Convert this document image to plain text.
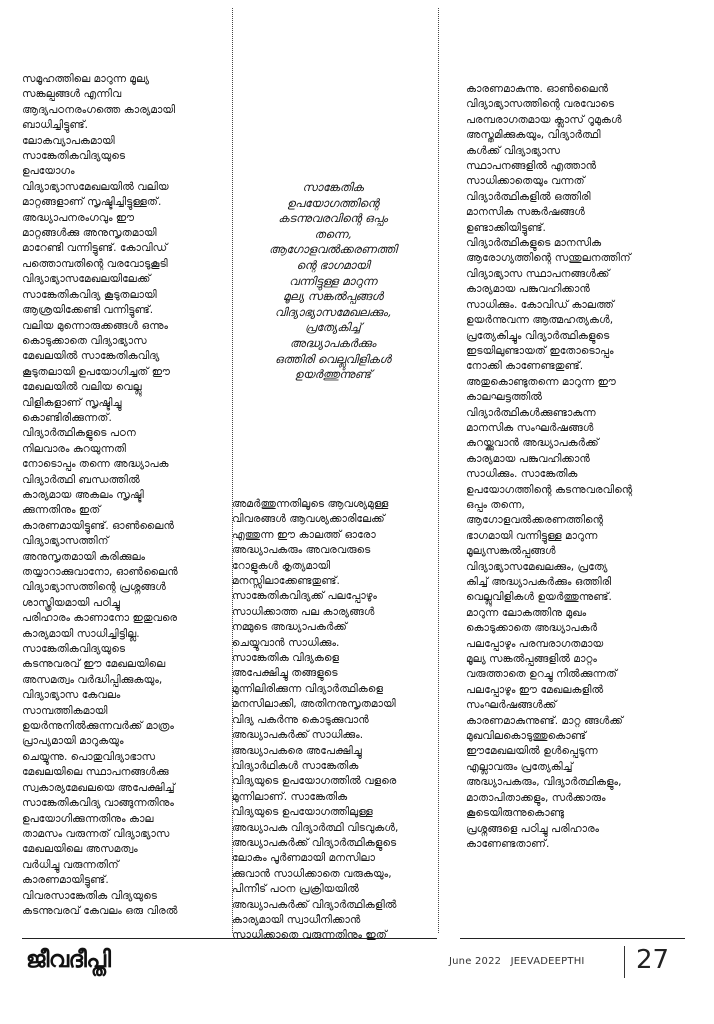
സമൂഹത്തിലെ മാറുന്ന മൂല്യ
സങ്കല്പങ്ങൾ എന്നിവ
ആദ്യപഠനരംഗത്തെ കാര്യമായി
ബാധിച്ചിട്ടുണ്ട്.
ലോകവ്യാപകമായി
സാങ്കേതികവിദ്യയുടെ
ഉപയോഗം
വിദ്യാഭ്യാസമേഖലയിൽ വലിയ
മാറ്റങ്ങളാണ് സൃഷ്ടിച്ചിട്ടുള്ളത്.
അദ്ധ്യാപനരംഗവും ഈ
മാറ്റങ്ങൾക്കു അനുസൃതമായി
മാറേണ്ടി വന്നിട്ടുണ്ട്. കോവിഡ്
പത്തൊമ്പതിന്റെ വരവോടുകൂടി
വിദ്യാഭ്യാസമേഖലയിലേക്ക്
സാങ്കേതികവിദ്യ കൂടുതലായി
ആശ്രയിക്കേണ്ടി വന്നിട്ടുണ്ട്.
വലിയ മുന്നൊരുക്കങ്ങൾ ഒന്നും
കൊടുക്കാതെ വിദ്യാഭ്യാസ
മേഖലയിൽ സാങ്കേതികവിദ്യ
കൂടുതലായി ഉപയോഗിച്ചത് ഈ
മേഖലയിൽ വലിയ വെല്ലു
വിളികളാണ് സൃഷ്ടിച്ചു
കൊണ്ടിരിക്കുന്നത്.
വിദ്യാർത്ഥികളുടെ പഠന
നിലവാരം കുറയുന്നതി
നോടൊപ്പം തന്നെ അദ്ധ്യാപക
വിദ്യാർത്ഥി ബന്ധത്തിൽ
കാര്യമായ അകലം സൃഷ്ടി
ക്കുന്നതിനും ഇത്
കാരണമായിട്ടുണ്ട്. ഓൺലൈൻ
വിദ്യാഭ്യാസത്തിന്
അനുസൃതമായി കരിക്കുലം
തയ്യാറാക്കുവാനോ, ഓൺലൈൻ
വിദ്യാഭ്യാസത്തിന്റെ പ്രശ്നങ്ങൾ
ശാസ്ത്രിയമായി പഠിച്ചു
പരിഹാരം കാണാനോ ഇതുവരെ
കാര്യമായി സാധിച്ചിട്ടില്ല.
സാങ്കേതികവിദ്യയുടെ
കടന്നുവരവ് ഈ മേഖലയിലെ
അസമത്വം വർദ്ധിപ്പിക്കുകയും,
വിദ്യാഭ്യാസ കേവലം
സാമ്പത്തികമായി
ഉയർന്നുനിൽക്കുന്നവർക്ക് മാത്രം
പ്രാപ്യമായി മാറുകയും
ചെയ്യുന്നു. പൊതുവിദ്യാഭാസ
മേഖലയിലെ സ്ഥാപനങ്ങൾക്കു
സ്വകാര്യമേഖലയെ അപേക്ഷിച്ച്
സാങ്കേതികവിദ്യ വാങ്ങുന്നതിനും
ഉപയോഗിക്കുന്നതിനും കാല
താമസം വരുന്നത് വിദ്യാഭ്യാസ
മേഖലയിലെ അസമത്വം
വർധിച്ചു വരുന്നതിന്
കാരണമായിട്ടുണ്ട്.
വിവരസാങ്കേതിക വിദ്യയുടെ
കടന്നുവരവ് കേവലം ഒരു വിരൽ
സാങ്കേതിക
ഉപയോഗത്തിന്റെ
കടന്നുവരവിന്റെ ഒപ്പം
തന്നെ,
ആഗോളവൽക്കരണത്തി
ന്റെ ഭാഗമായി
വന്നിട്ടുള്ള മാറുന്ന
മൂല്യ സങ്കൽപ്പങ്ങൾ
വിദ്യാഭ്യാസമേഖലക്കും,
പ്രത്യേകിച്ച്
അദ്ധ്യാപകർക്കും
ഒത്തിരി വെല്ലുവിളികൾ
ഉയർത്തുന്നുണ്ട്
അമർത്തുന്നതിലൂടെ ആവശ്യമുള്ള
വിവരങ്ങൾ ആവശ്യക്കാരിലേക്ക്
എത്തുന്ന ഈ കാലത്ത് ഓരോ
അദ്ധ്യാപകരും അവരവരുടെ
റോളുകൾ കൃത്യമായി
മനസ്സിലാക്കേണ്ടതുണ്ട്.
സാങ്കേതികവിദ്യക്ക് പലപ്പോഴും
സാധിക്കാത്ത പല കാര്യങ്ങൾ
നമ്മുടെ അദ്ധ്യാപകർക്ക്
ചെയ്യുവാൻ സാധിക്കും.
സാങ്കേതിക വിദ്യകളെ
അപേക്ഷിച്ചു തങ്ങളുടെ
മുന്നിലിരിക്കുന്ന വിദ്യാർത്ഥികളെ
മനസിലാക്കി, അതിനനുസൃതമായി
വിദ്യ പകർന്നു കൊടുക്കുവാൻ
അദ്ധ്യാപകർക്ക് സാധിക്കും.
അദ്ധ്യാപകരെ അപേക്ഷിച്ചു
വിദ്യാർഥികൾ സാങ്കേതിക
വിദ്യയുടെ ഉപയോഗത്തിൽ വളരെ
മുന്നിലാണ്. സാങ്കേതിക
വിദ്യയുടെ ഉപയോഗത്തിലുള്ള
അദ്ധ്യാപക വിദ്യാർത്ഥി വിടവുകൾ,
അദ്ധ്യാപകർക്ക് വിദ്യാർത്ഥികളുടെ
ലോകം പൂർണമായി മനസിലാ
ക്കുവാൻ സാധിക്കാതെ വരുകയും,
പിന്നീട് പഠന പ്രക്രിയയിൽ
അദ്ധ്യാപകർക്ക് വിദ്യാർത്ഥികളിൽ
കാര്യമായി സ്വാധീനിക്കാൻ
സാധിക്കാതെ വരുന്നതിനും ഇത്
കാരണമാകുന്നു. ഓൺലൈൻ
വിദ്യാഭ്യാസത്തിന്റെ വരവോടെ
പരമ്പരാഗതമായ ക്ലാസ് റൂമുകൾ
അസ്തമിക്കുകയും, വിദ്യാർത്ഥി
കൾക്ക് വിദ്യാഭ്യാസ
സ്ഥാപനങ്ങളിൽ എത്താൻ
സാധിക്കാതെയും വന്നത്
വിദ്യാർത്ഥികളിൽ ഒത്തിരി
മാനസിക സങ്കർഷങ്ങൾ
ഉണ്ടാക്കിയിട്ടുണ്ട്.
വിദ്യാർത്ഥികളുടെ മാനസിക
ആരോഗ്യത്തിന്റെ സന്തുലനത്തിന്
വിദ്യാഭ്യാസ സ്ഥാപനങ്ങൾക്ക്
കാര്യമായ പങ്കുവഹിക്കാൻ
സാധിക്കും. കോവിഡ് കാലത്ത്
ഉയർന്നുവന്ന ആത്മഹത്യകൾ,
പ്രത്യേകിച്ചും വിദ്യാർത്ഥികളുടെ
ഇടയിലുണ്ടായത് ഇതോടൊപ്പം
നോക്കി കാണേണ്ടതുണ്ട്.
അതുകൊണ്ടുതന്നെ മാറുന്ന ഈ
കാലഘട്ടത്തിൽ
വിദ്യാർത്ഥികൾക്കുണ്ടാകുന്ന
മാനസിക സംഘർഷങ്ങൾ
കുറയ്ക്കുവാൻ അദ്ധ്യാപകർക്ക്
കാര്യമായ പങ്കുവഹിക്കാൻ
സാധിക്കും. സാങ്കേതിക
ഉപയോഗത്തിന്റെ കടന്നുവരവിന്റെ
ഒപ്പം തന്നെ,
ആഗോളവൽക്കരണത്തിന്റെ
ഭാഗമായി വന്നിട്ടുള്ള മാറുന്ന
മൂല്യസങ്കൽപ്പങ്ങൾ
വിദ്യാഭ്യാസമേഖലക്കും, പ്രത്യേ
കിച്ച് അദ്ധ്യാപകർക്കും ഒത്തിരി
വെല്ലുവിളികൾ ഉയർത്തുന്നുണ്ട്.
മാറുന്ന ലോകത്തിനു മുഖം
കൊടുക്കാതെ അദ്ധ്യാപകർ
പലപ്പോഴും പരമ്പരാഗതമായ
മൂല്യ സങ്കൽപ്പങ്ങളിൽ മാറ്റം
വരുത്താതെ ഉറച്ചു നിൽക്കുന്നത്
പലപ്പോഴും ഈ മേഖലകളിൽ
സംഘർഷങ്ങൾക്ക്
കാരണമാകുന്നുണ്ട്. മാറ്റ ങ്ങൾക്ക്
മുഖവിലകൊടുത്തുകൊണ്ട്
ഈമേഖലയിൽ ഉൾപ്പെടുന്ന
എല്ലാവരും പ്രത്യേകിച്ച്
അദ്ധ്യാപകരും, വിദ്യാർത്ഥികളും,
മാതാപിതാക്കളും, സർക്കാരും
കൂടെയിരുന്നുകൊണ്ടു
പ്രശ്നങ്ങളെ പഠിച്ചു പരിഹാരം
കാണേണ്ടതാണ്.
ജീവദീപ്തി	June 2022 JEEVADEEPTHI 27
